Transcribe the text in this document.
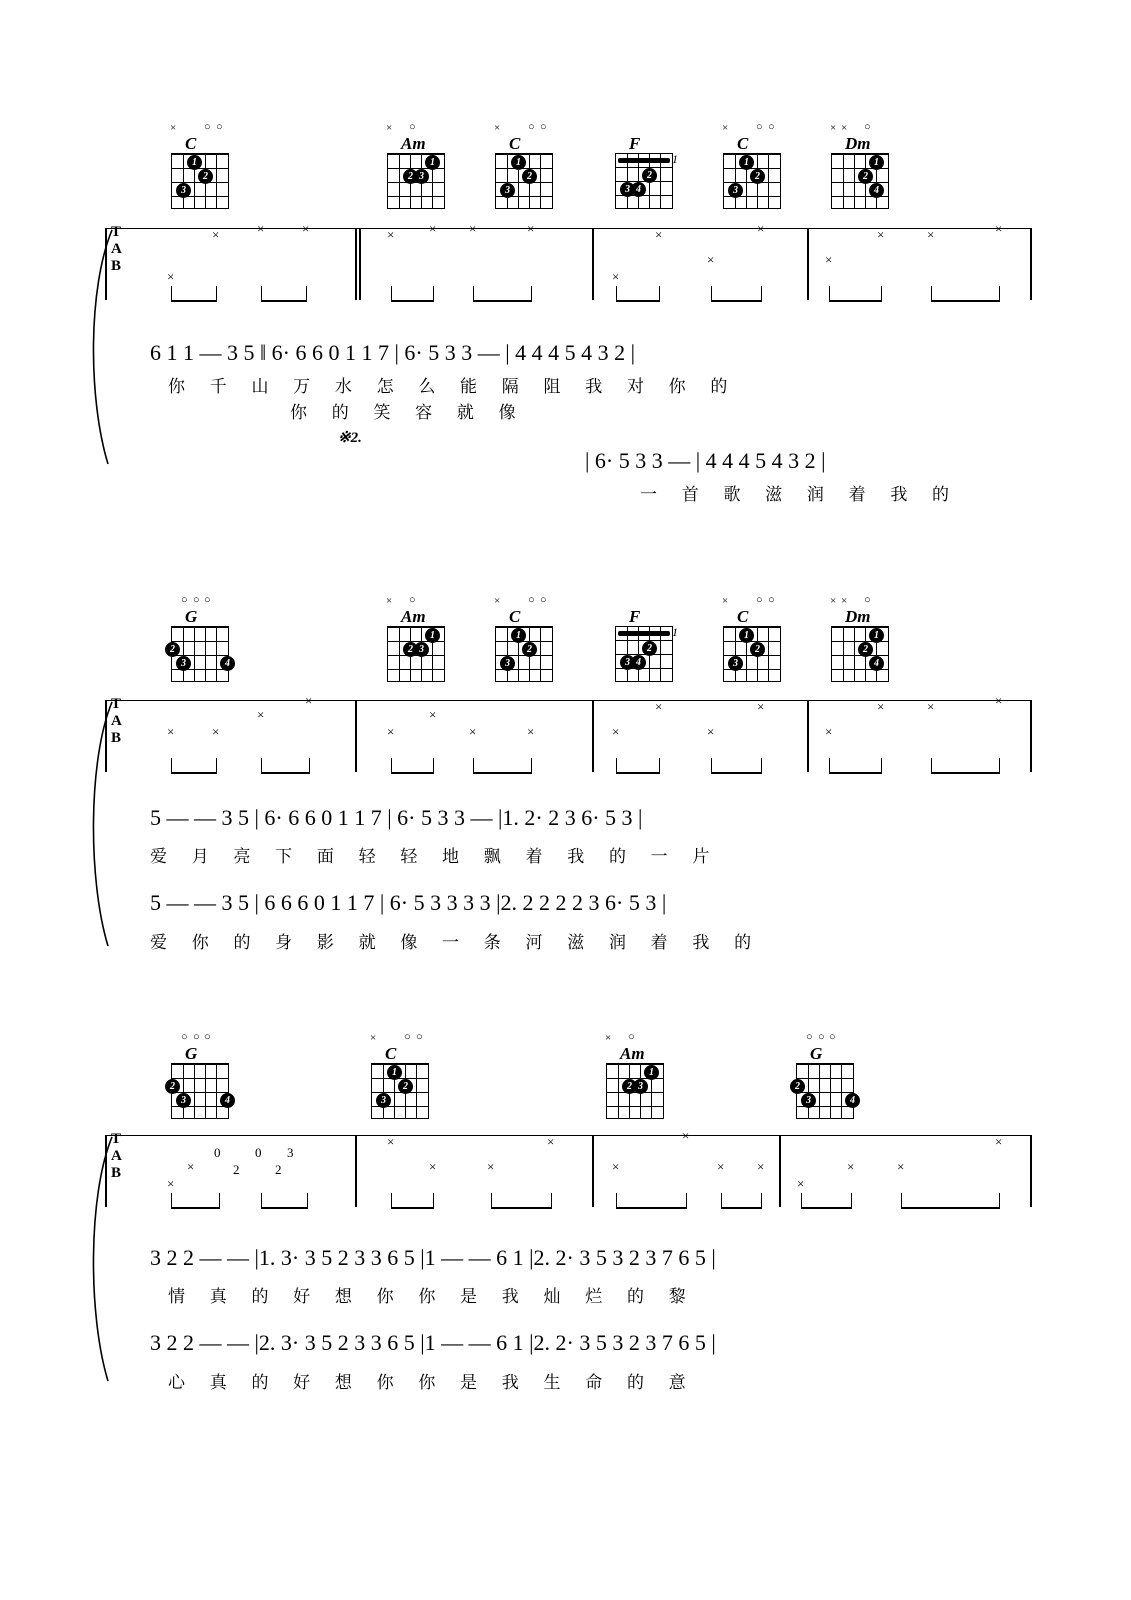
C
×	○ ○
1
2
3
Am
× ○
1
2 3
C
×	○ ○
1
2
3
F
1
2
3 4
C
×	○ ○
1
2
3
Dm
× × ○
1
2
4
T
A
B
×
×	×	×	×	×	×	×
×
×
×
×
×
×	×	×
6 1 1 — 3 5 ‖ 6· 6 6 0 1 1 7 | 6· 5 3 3 — | 4 4 4 5 4 3 2 |
你 千 山 万 水 怎 么 能 隔 阻 我 对 你 的
你 的 笑 容 就 像
※2.
| 6· 5 3 3 — | 4 4 4 5 4 3 2 |
一 首 歌 滋 润 着 我 的
G
○ ○ ○
2
3	4
Am
× ○
1
2 3
C
×	○ ○
1
2
3
F
1
2
3 4
C
×	○ ○
1
2
3
Dm
× × ○
1
2
4
T
A
B	×
×
×
×	×
×
×	×	×
×
×
×
×
×	×	×
5 — — 3 5 | 6· 6 6 0 1 1 7 | 6· 5 3 3 — |1. 2· 2 3 6· 5 3 |
爱 月 亮 下 面 轻 轻 地 飘 着 我 的 一 片
5 — — 3 5 | 6 6 6 0 1 1 7 | 6· 5 3 3 3 3 |2. 2 2 2 2 3 6· 5 3 |
爱 你 的 身 影 就 像 一 条 河 滋 润 着 我 的
G
○ ○ ○
2
3	4
C
×	○ ○
1
2
3
Am
× ○
1
2 3
G
○ ○ ○
2
3	4
T
A
B
0	0 3
2	2
×
×
×
×	×
×
×
×
×	×
×
×	×
×
3 2 2 — — |1. 3· 3 5 2 3 3 6 5 |1 — — 6 1 |2. 2· 3 5 3 2 3 7 6 5 |
情 真 的 好 想 你 你 是 我 灿 烂 的 黎
3 2 2 — — |2. 3· 3 5 2 3 3 6 5 |1 — — 6 1 |2. 2· 3 5 3 2 3 7 6 5 |
心 真 的 好 想 你 你 是 我 生 命 的 意
